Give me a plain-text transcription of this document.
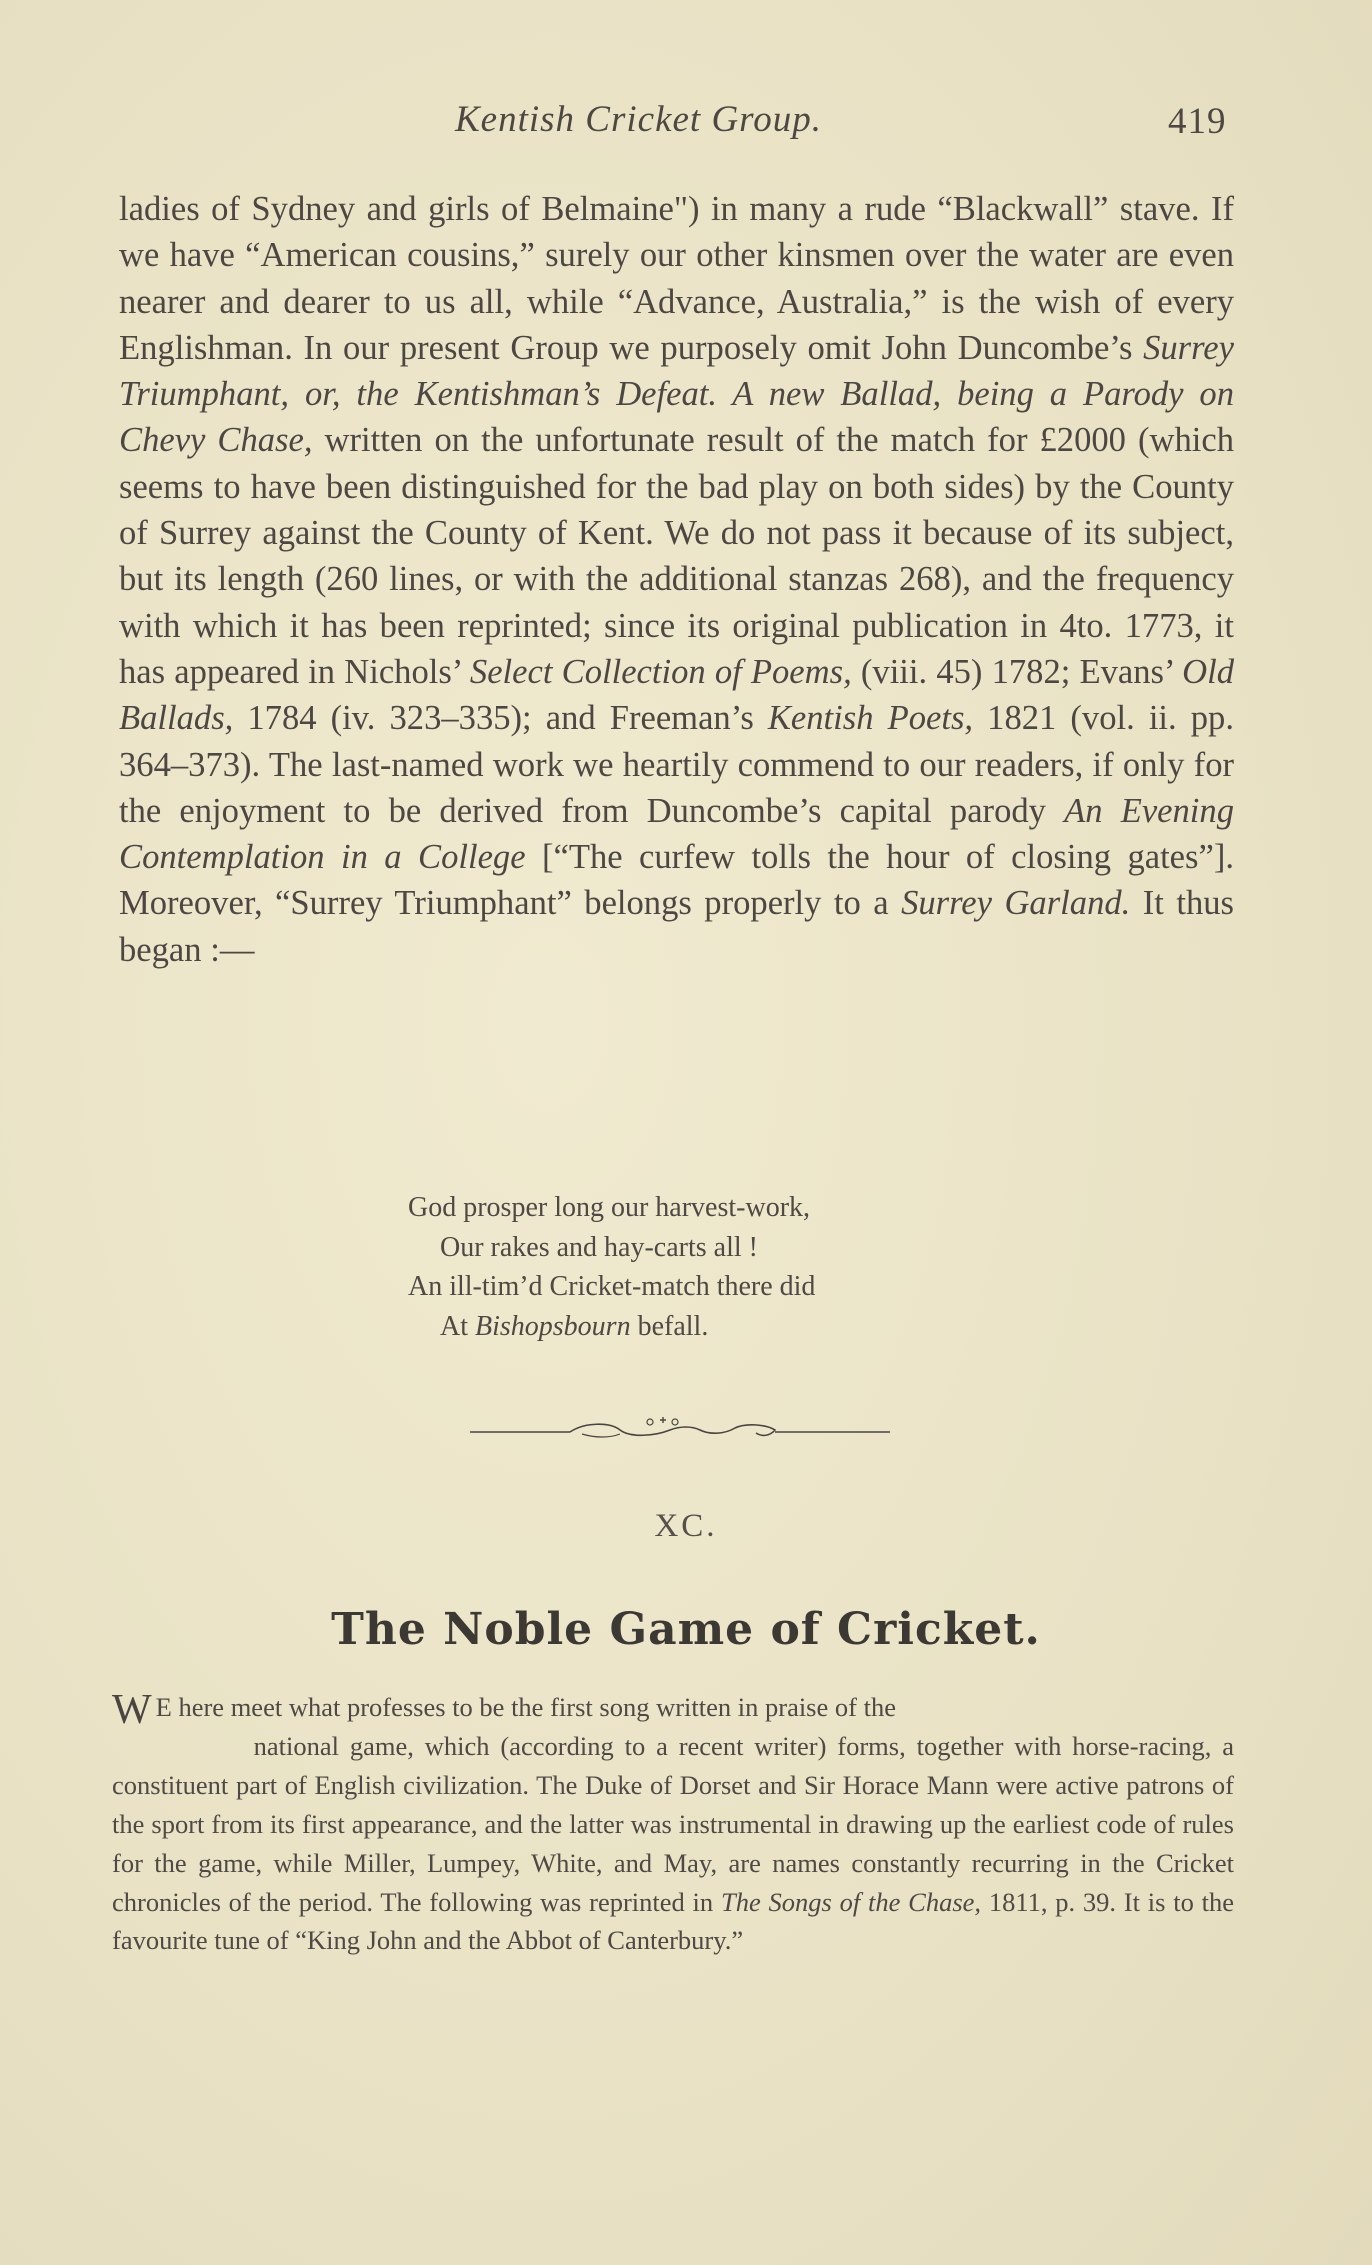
Kentish Cricket Group.	419

ladies of Sydney and girls of Belmaine") in many a rude “Blackwall” stave. If we have “American cousins,” surely our other kinsmen over the water are even nearer and dearer to us all, while “Advance, Australia,” is the wish of every Englishman. In our present Group we purposely omit John Duncombe’s Surrey Triumphant, or, the Kentishman’s Defeat. A new Ballad, being a Parody on Chevy Chase, written on the unfortunate result of the match for £2000 (which seems to have been distinguished for the bad play on both sides) by the County of Surrey against the County of Kent. We do not pass it because of its subject, but its length (260 lines, or with the additional stanzas 268), and the frequency with which it has been reprinted; since its original publication in 4to. 1773, it has appeared in Nichols’ Select Collection of Poems, (viii. 45) 1782; Evans’ Old Ballads, 1784 (iv. 323–335); and Freeman’s Kentish Poets, 1821 (vol. ii. pp. 364–373). The last-named work we heartily commend to our readers, if only for the enjoyment to be derived from Duncombe’s capital parody An Evening Contemplation in a College [“The curfew tolls the hour of closing gates”]. Moreover, “Surrey Triumphant” belongs properly to a Surrey Garland. It thus began :—

God prosper long our harvest-work,
Our rakes and hay-carts all !
An ill-tim’d Cricket-match there did
At Bishopsbourn befall.
XC.
The Noble Game of Cricket.

W E here meet what professes to be the first song written in praise of the
national game, which (according to a recent writer) forms, together with horse-racing, a constituent part of English civilization. The Duke of Dorset and Sir Horace Mann were active patrons of the sport from its first appearance, and the latter was instrumental in drawing up the earliest code of rules for the game, while Miller, Lumpey, White, and May, are names constantly recurring in the Cricket chronicles of the period. The following was reprinted in The Songs of the Chase, 1811, p. 39. It is to the favourite tune of “King John and the Abbot of Canterbury.”
